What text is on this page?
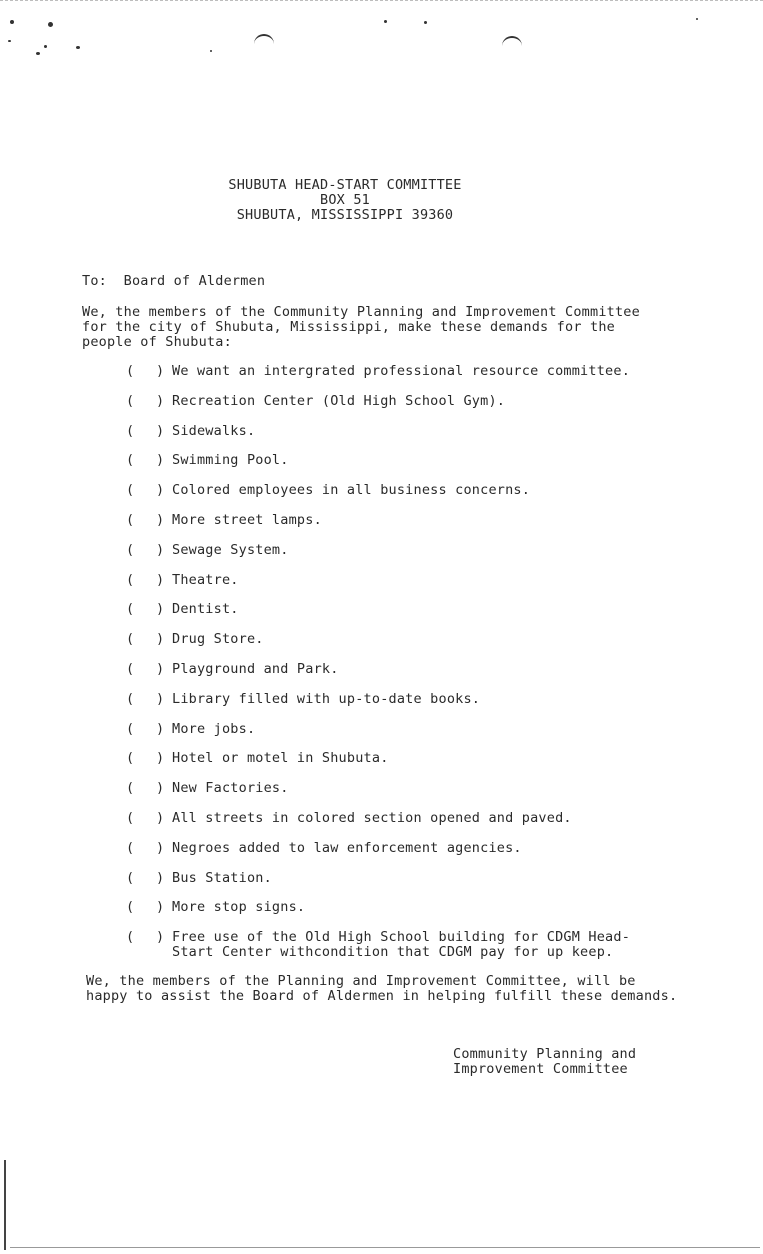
SHUBUTA HEAD-START COMMITTEE
BOX 51
SHUBUTA, MISSISSIPPI 39360
To:  Board of Aldermen
We, the members of the Community Planning and Improvement Committee
for the city of Shubuta, Mississippi, make these demands for the
people of Shubuta:
( ) We want an intergrated professional resource committee.
( ) Recreation Center (Old High School Gym).
( ) Sidewalks.
( ) Swimming Pool.
( ) Colored employees in all business concerns.
( ) More street lamps.
( ) Sewage System.
( ) Theatre.
( ) Dentist.
( ) Drug Store.
( ) Playground and Park.
( ) Library filled with up-to-date books.
( ) More jobs.
( ) Hotel or motel in Shubuta.
( ) New Factories.
( ) All streets in colored section opened and paved.
( ) Negroes added to law enforcement agencies.
( ) Bus Station.
( ) More stop signs.
( ) Free use of the Old High School building for CDGM Head-
Start Center withcondition that CDGM pay for up keep.
We, the members of the Planning and Improvement Committee, will be
happy to assist the Board of Aldermen in helping fulfill these demands.
Community Planning and
Improvement Committee
